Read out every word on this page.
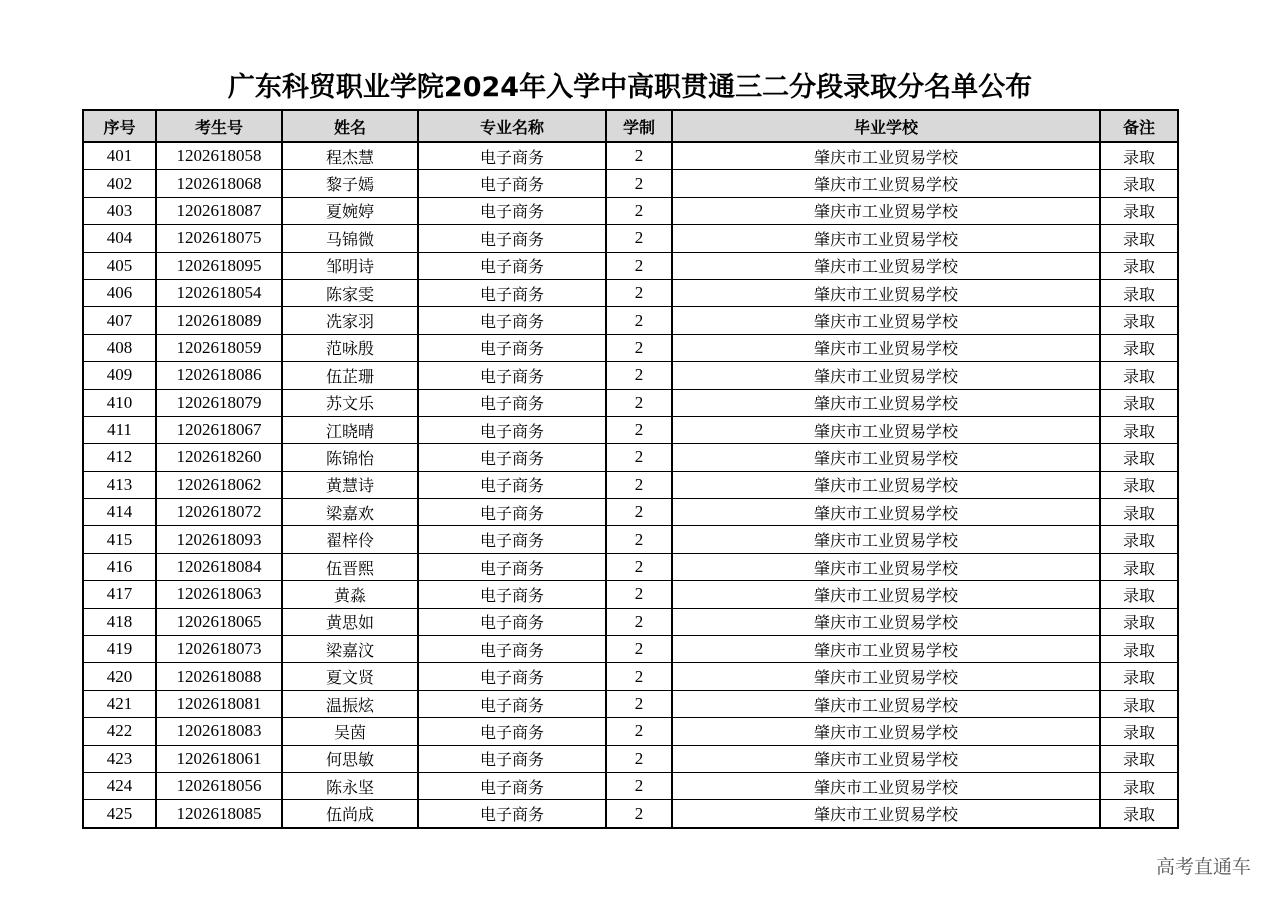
广东科贸职业学院2024年入学中高职贯通三二分段录取分名单公布
序号	考生号	姓名	专业名称	学制	毕业学校	备注
401	1202618058	程杰慧	电子商务	2	肇庆市工业贸易学校	录取
402	1202618068	黎子嫣	电子商务	2	肇庆市工业贸易学校	录取
403	1202618087	夏婉婷	电子商务	2	肇庆市工业贸易学校	录取
404	1202618075	马锦微	电子商务	2	肇庆市工业贸易学校	录取
405	1202618095	邹明诗	电子商务	2	肇庆市工业贸易学校	录取
406	1202618054	陈家雯	电子商务	2	肇庆市工业贸易学校	录取
407	1202618089	冼家羽	电子商务	2	肇庆市工业贸易学校	录取
408	1202618059	范咏殷	电子商务	2	肇庆市工业贸易学校	录取
409	1202618086	伍芷珊	电子商务	2	肇庆市工业贸易学校	录取
410	1202618079	苏文乐	电子商务	2	肇庆市工业贸易学校	录取
411	1202618067	江晓晴	电子商务	2	肇庆市工业贸易学校	录取
412	1202618260	陈锦怡	电子商务	2	肇庆市工业贸易学校	录取
413	1202618062	黄慧诗	电子商务	2	肇庆市工业贸易学校	录取
414	1202618072	梁嘉欢	电子商务	2	肇庆市工业贸易学校	录取
415	1202618093	翟梓伶	电子商务	2	肇庆市工业贸易学校	录取
416	1202618084	伍晋熙	电子商务	2	肇庆市工业贸易学校	录取
417	1202618063	黄淼	电子商务	2	肇庆市工业贸易学校	录取
418	1202618065	黄思如	电子商务	2	肇庆市工业贸易学校	录取
419	1202618073	梁嘉汶	电子商务	2	肇庆市工业贸易学校	录取
420	1202618088	夏文贤	电子商务	2	肇庆市工业贸易学校	录取
421	1202618081	温振炫	电子商务	2	肇庆市工业贸易学校	录取
422	1202618083	吴茵	电子商务	2	肇庆市工业贸易学校	录取
423	1202618061	何思敏	电子商务	2	肇庆市工业贸易学校	录取
424	1202618056	陈永坚	电子商务	2	肇庆市工业贸易学校	录取
425	1202618085	伍尚成	电子商务	2	肇庆市工业贸易学校	录取
高考直通车
